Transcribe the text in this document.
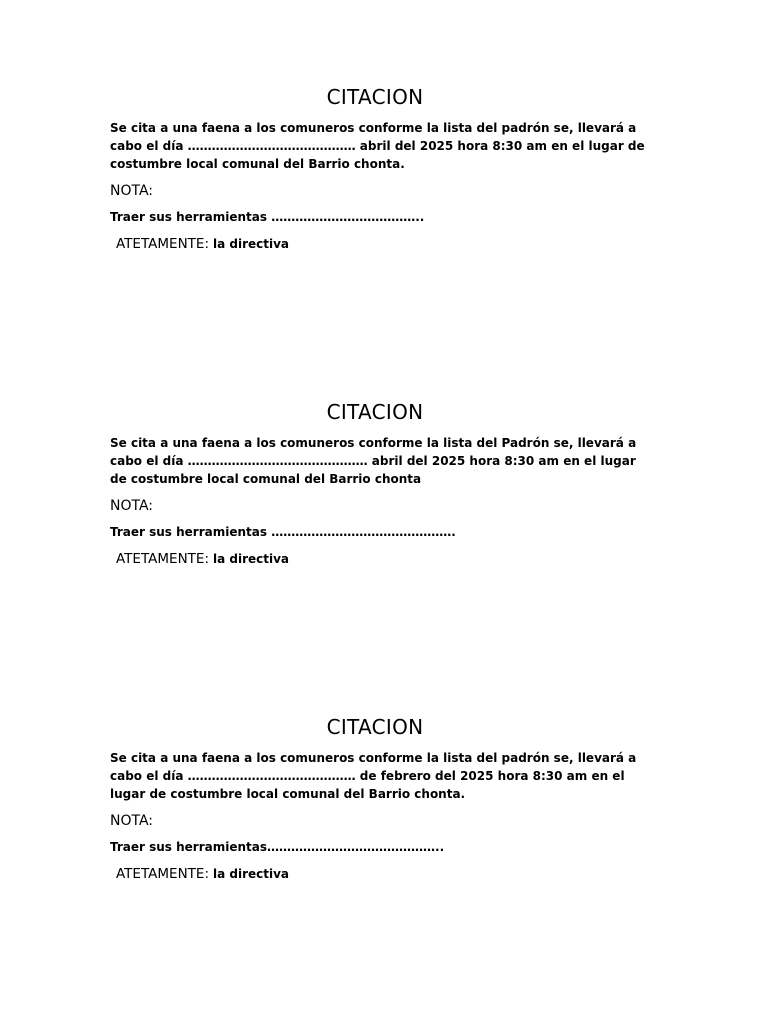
CITACION

Se cita a una faena a los comuneros conforme la lista del padrón se, llevará a cabo el día …………………………………… abril del 2025 hora 8:30 am en el lugar de costumbre local comunal del Barrio chonta.

NOTA:

Traer sus herramientas ………………………………..

ATETAMENTE: la directiva

CITACION

Se cita a una faena a los comuneros conforme la lista del Padrón se, llevará a cabo el día ……………………………………… abril del 2025 hora 8:30 am en el lugar de costumbre local comunal del Barrio chonta

NOTA:

Traer sus herramientas ……………………………………….

ATETAMENTE: la directiva

CITACION

Se cita a una faena a los comuneros conforme la lista del padrón se, llevará a cabo el día …………………………………… de febrero del 2025 hora 8:30 am en el lugar de costumbre local comunal del Barrio chonta.

NOTA:

Traer sus herramientas……………………………………..

ATETAMENTE: la directiva
